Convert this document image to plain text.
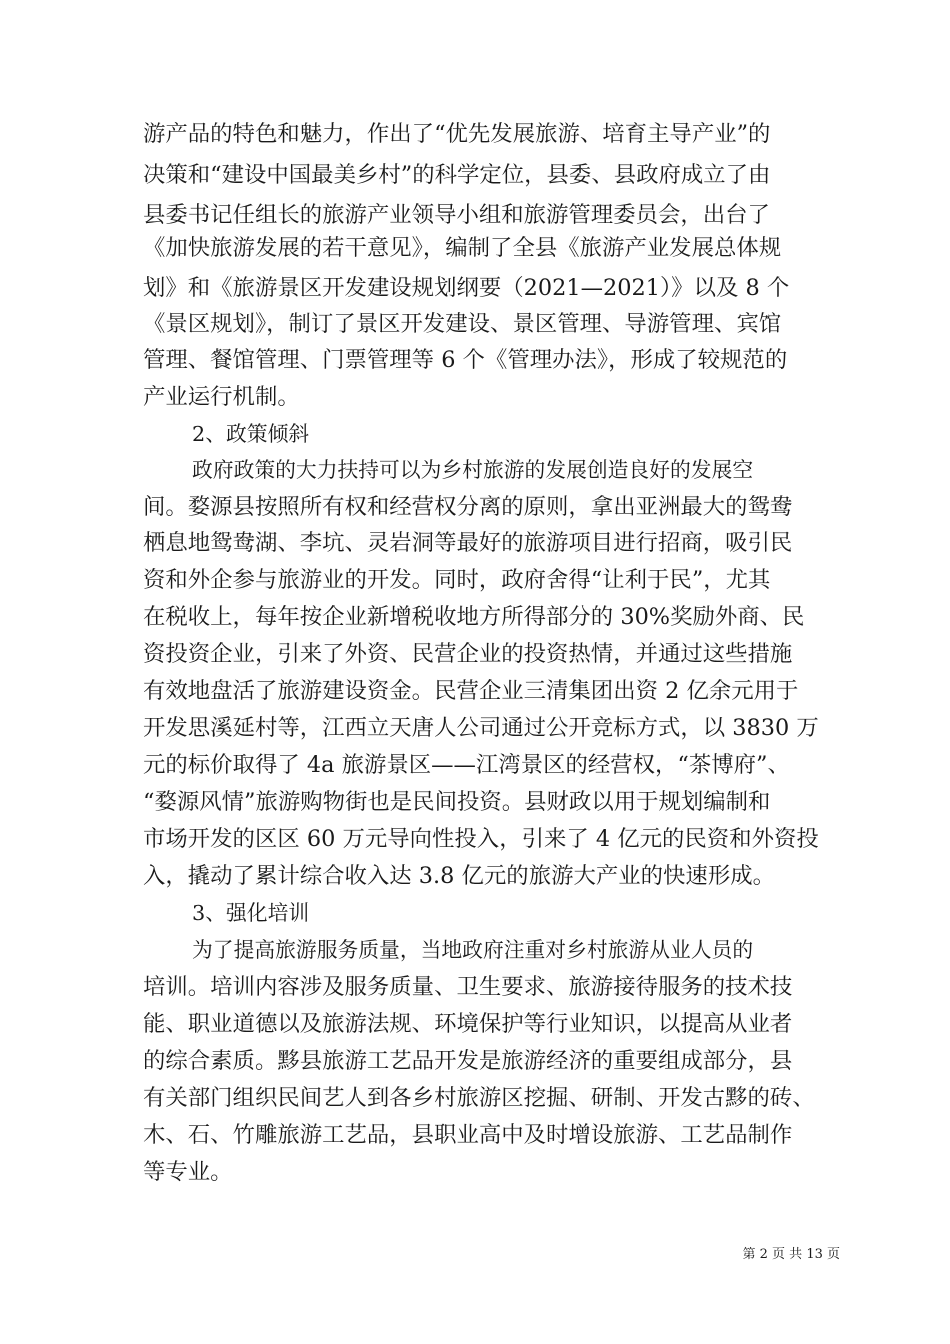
游产品的特色和魅力，作出了“优先发展旅游、培育主导产业”的
决策和“建设中国最美乡村”的科学定位，县委、县政府成立了由
县委书记任组长的旅游产业领导小组和旅游管理委员会，出台了
《加快旅游发展的若干意见》，编制了全县《旅游产业发展总体规
划》和《旅游景区开发建设规划纲要（2021—2021）》以及 8 个
《景区规划》，制订了景区开发建设、景区管理、导游管理、宾馆
管理、餐馆管理、门票管理等 6 个《管理办法》，形成了较规范的
产业运行机制。
2、政策倾斜
政府政策的大力扶持可以为乡村旅游的发展创造良好的发展空
间。婺源县按照所有权和经营权分离的原则，拿出亚洲最大的鸳鸯
栖息地鸳鸯湖、李坑、灵岩洞等最好的旅游项目进行招商，吸引民
资和外企参与旅游业的开发。同时，政府舍得“让利于民”，尤其
在税收上，每年按企业新增税收地方所得部分的 30%奖励外商、民
资投资企业，引来了外资、民营企业的投资热情，并通过这些措施
有效地盘活了旅游建设资金。民营企业三清集团出资 2 亿余元用于
开发思溪延村等，江西立天唐人公司通过公开竞标方式，以 3830 万
元的标价取得了 4a 旅游景区——江湾景区的经营权，“茶博府”、
“婺源风情”旅游购物街也是民间投资。县财政以用于规划编制和
市场开发的区区 60 万元导向性投入，引来了 4 亿元的民资和外资投
入，撬动了累计综合收入达 3.8 亿元的旅游大产业的快速形成。
3、强化培训
为了提高旅游服务质量，当地政府注重对乡村旅游从业人员的
培训。培训内容涉及服务质量、卫生要求、旅游接待服务的技术技
能、职业道德以及旅游法规、环境保护等行业知识，以提高从业者
的综合素质。黟县旅游工艺品开发是旅游经济的重要组成部分，县
有关部门组织民间艺人到各乡村旅游区挖掘、研制、开发古黟的砖、
木、石、竹雕旅游工艺品，县职业高中及时增设旅游、工艺品制作
等专业。
第 2 页 共 13 页
